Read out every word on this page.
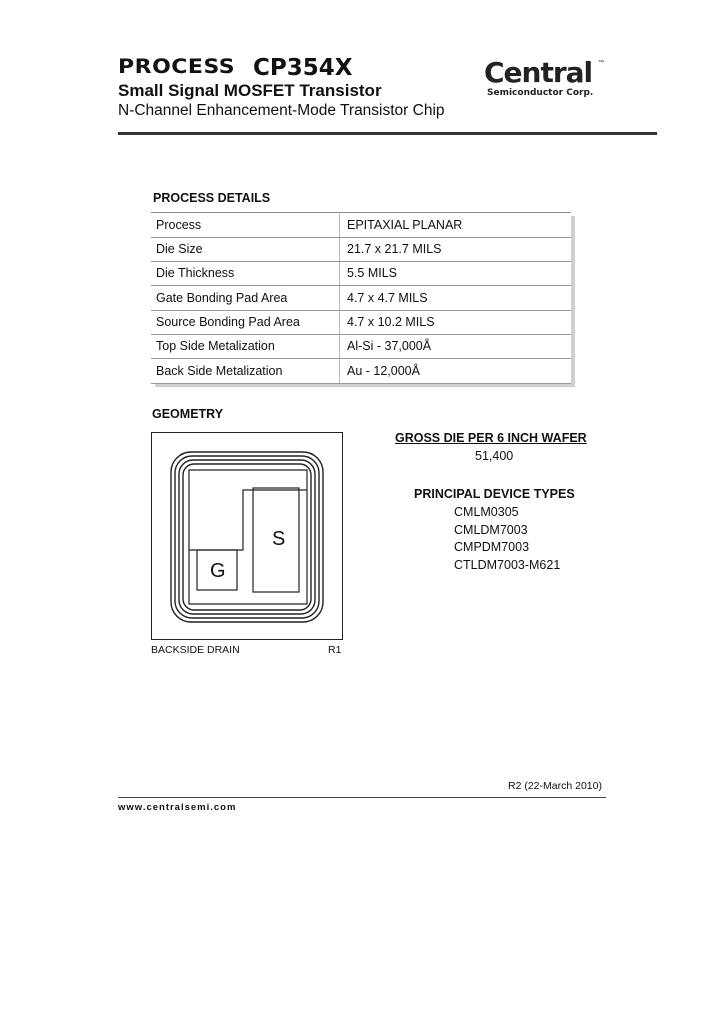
PROCESS CP354X
Small Signal MOSFET Transistor
N-Channel Enhancement-Mode Transistor Chip
Central ™
Semiconductor Corp.
PROCESS DETAILS
Process	EPITAXIAL PLANAR
Die Size	21.7 x 21.7 MILS
Die Thickness	5.5 MILS
Gate Bonding Pad Area	4.7 x 4.7 MILS
Source Bonding Pad Area	4.7 x 10.2 MILS
Top Side Metalization	Al-Si - 37,000Å
Back Side Metalization	Au - 12,000Å
GEOMETRY
S
G
BACKSIDE DRAIN	R1
GROSS DIE PER 6 INCH WAFER
51,400
PRINCIPAL DEVICE TYPES
CMLM0305
CMLDM7003
CMPDM7003
CTLDM7003-M621
R2 (22-March 2010)
www.centralsemi.com
